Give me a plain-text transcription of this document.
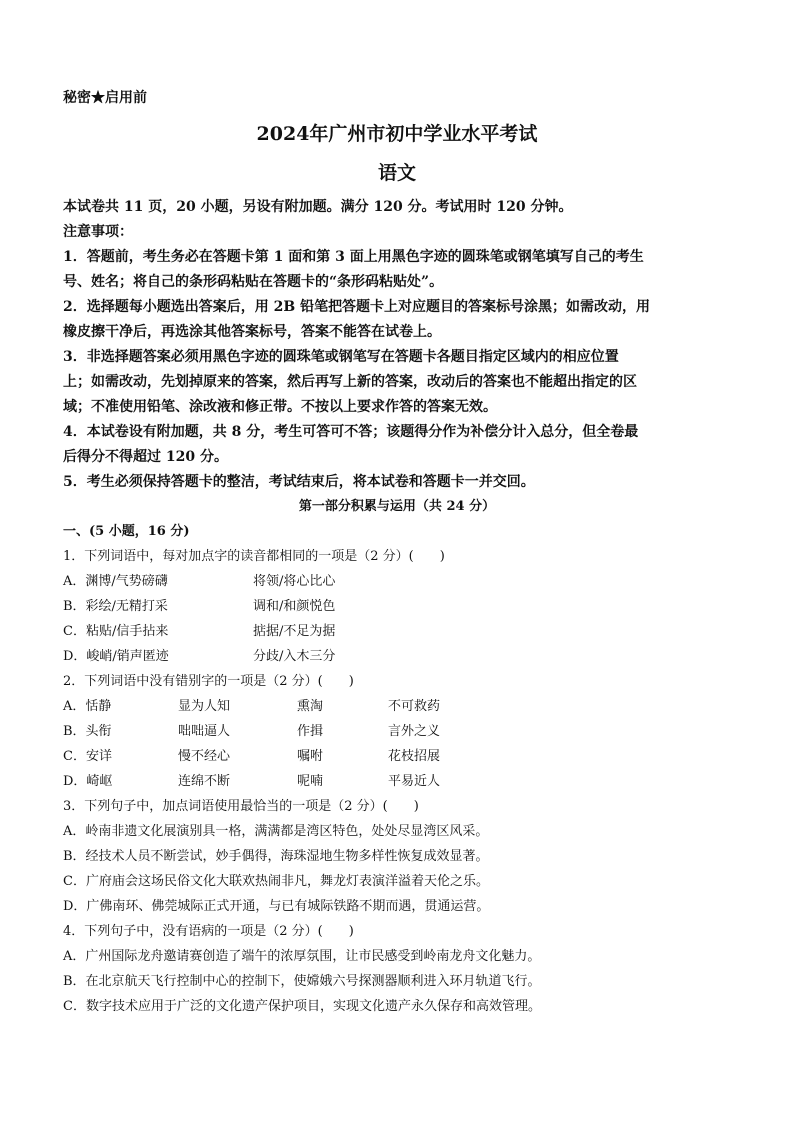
秘密★启用前
2024年广州市初中学业水平考试
语文
本试卷共 11 页，20 小题，另设有附加题。满分 120 分。考试用时 120 分钟。
注意事项：
1．答题前，考生务必在答题卡第 1 面和第 3 面上用黑色字迹的圆珠笔或钢笔填写自己的考生
号、姓名；将自己的条形码粘贴在答题卡的“条形码粘贴处”。
2．选择题每小题选出答案后，用 2B 铅笔把答题卡上对应题目的答案标号涂黑；如需改动，用
橡皮擦干净后，再选涂其他答案标号，答案不能答在试卷上。
3．非选择题答案必须用黑色字迹的圆珠笔或钢笔写在答题卡各题目指定区域内的相应位置
上；如需改动，先划掉原来的答案，然后再写上新的答案，改动后的答案也不能超出指定的区
域；不准使用铅笔、涂改液和修正带。不按以上要求作答的答案无效。
4．本试卷设有附加题，共 8 分，考生可答可不答；该题得分作为补偿分计入总分，但全卷最
后得分不得超过 120 分。
5．考生必须保持答题卡的整洁，考试结束后，将本试卷和答题卡一并交回。
第一部分积累与运用（共 24 分）
一、(5 小题，16 分)
1．下列词语中，每对加点字的读音都相同的一项是（2 分）(　　)
A．渊博/气势磅礴	将领/将心比心
B．彩绘/无精打采	调和/和颜悦色
C．粘贴/信手拈来	掂据/不足为据
D．峻峭/销声匿迹	分歧/入木三分
2．下列词语中没有错别字的一项是（2 分）(　　)
A．恬静	显为人知	熏淘	不可救药
B．头衔	咄咄逼人	作揖	言外之义
C．安详	慢不经心	嘱咐	花枝招展
D．崎岖	连绵不断	呢喃	平易近人
3．下列句子中，加点词语使用最恰当的一项是（2 分）(　　)
A．岭南非遗文化展演别具一格，满满都是湾区特色，处处尽显湾区风采。
B．经技术人员不断尝试，妙手偶得，海珠湿地生物多样性恢复成效显著。
C．广府庙会这场民俗文化大联欢热闹非凡，舞龙灯表演洋溢着天伦之乐。
D．广佛南环、佛莞城际正式开通，与已有城际铁路不期而遇，贯通运营。
4．下列句子中，没有语病的一项是（2 分）(　　)
A．广州国际龙舟邀请赛创造了端午的浓厚氛围，让市民感受到岭南龙舟文化魅力。
B．在北京航天飞行控制中心的控制下，使嫦娥六号探测器顺利进入环月轨道飞行。
C．数字技术应用于广泛的文化遗产保护项目，实现文化遗产永久保存和高效管理。
